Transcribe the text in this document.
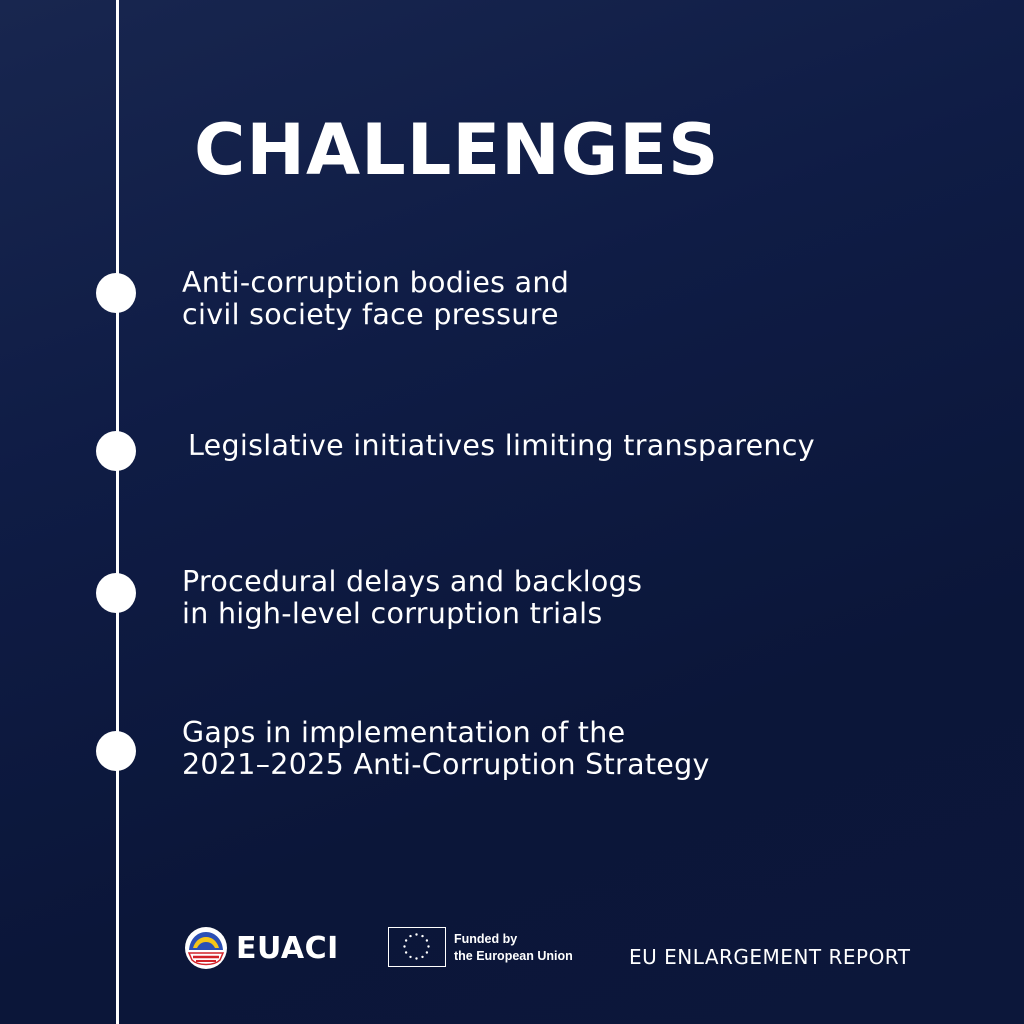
CHALLENGES
Anti-corruption bodies and
civil society face pressure
Legislative initiatives limiting transparency
Procedural delays and backlogs
in high-level corruption trials
Gaps in implementation of the
2021–2025 Anti-Corruption Strategy
EUACI	Funded by
the European Union	EU ENLARGEMENT REPORT
